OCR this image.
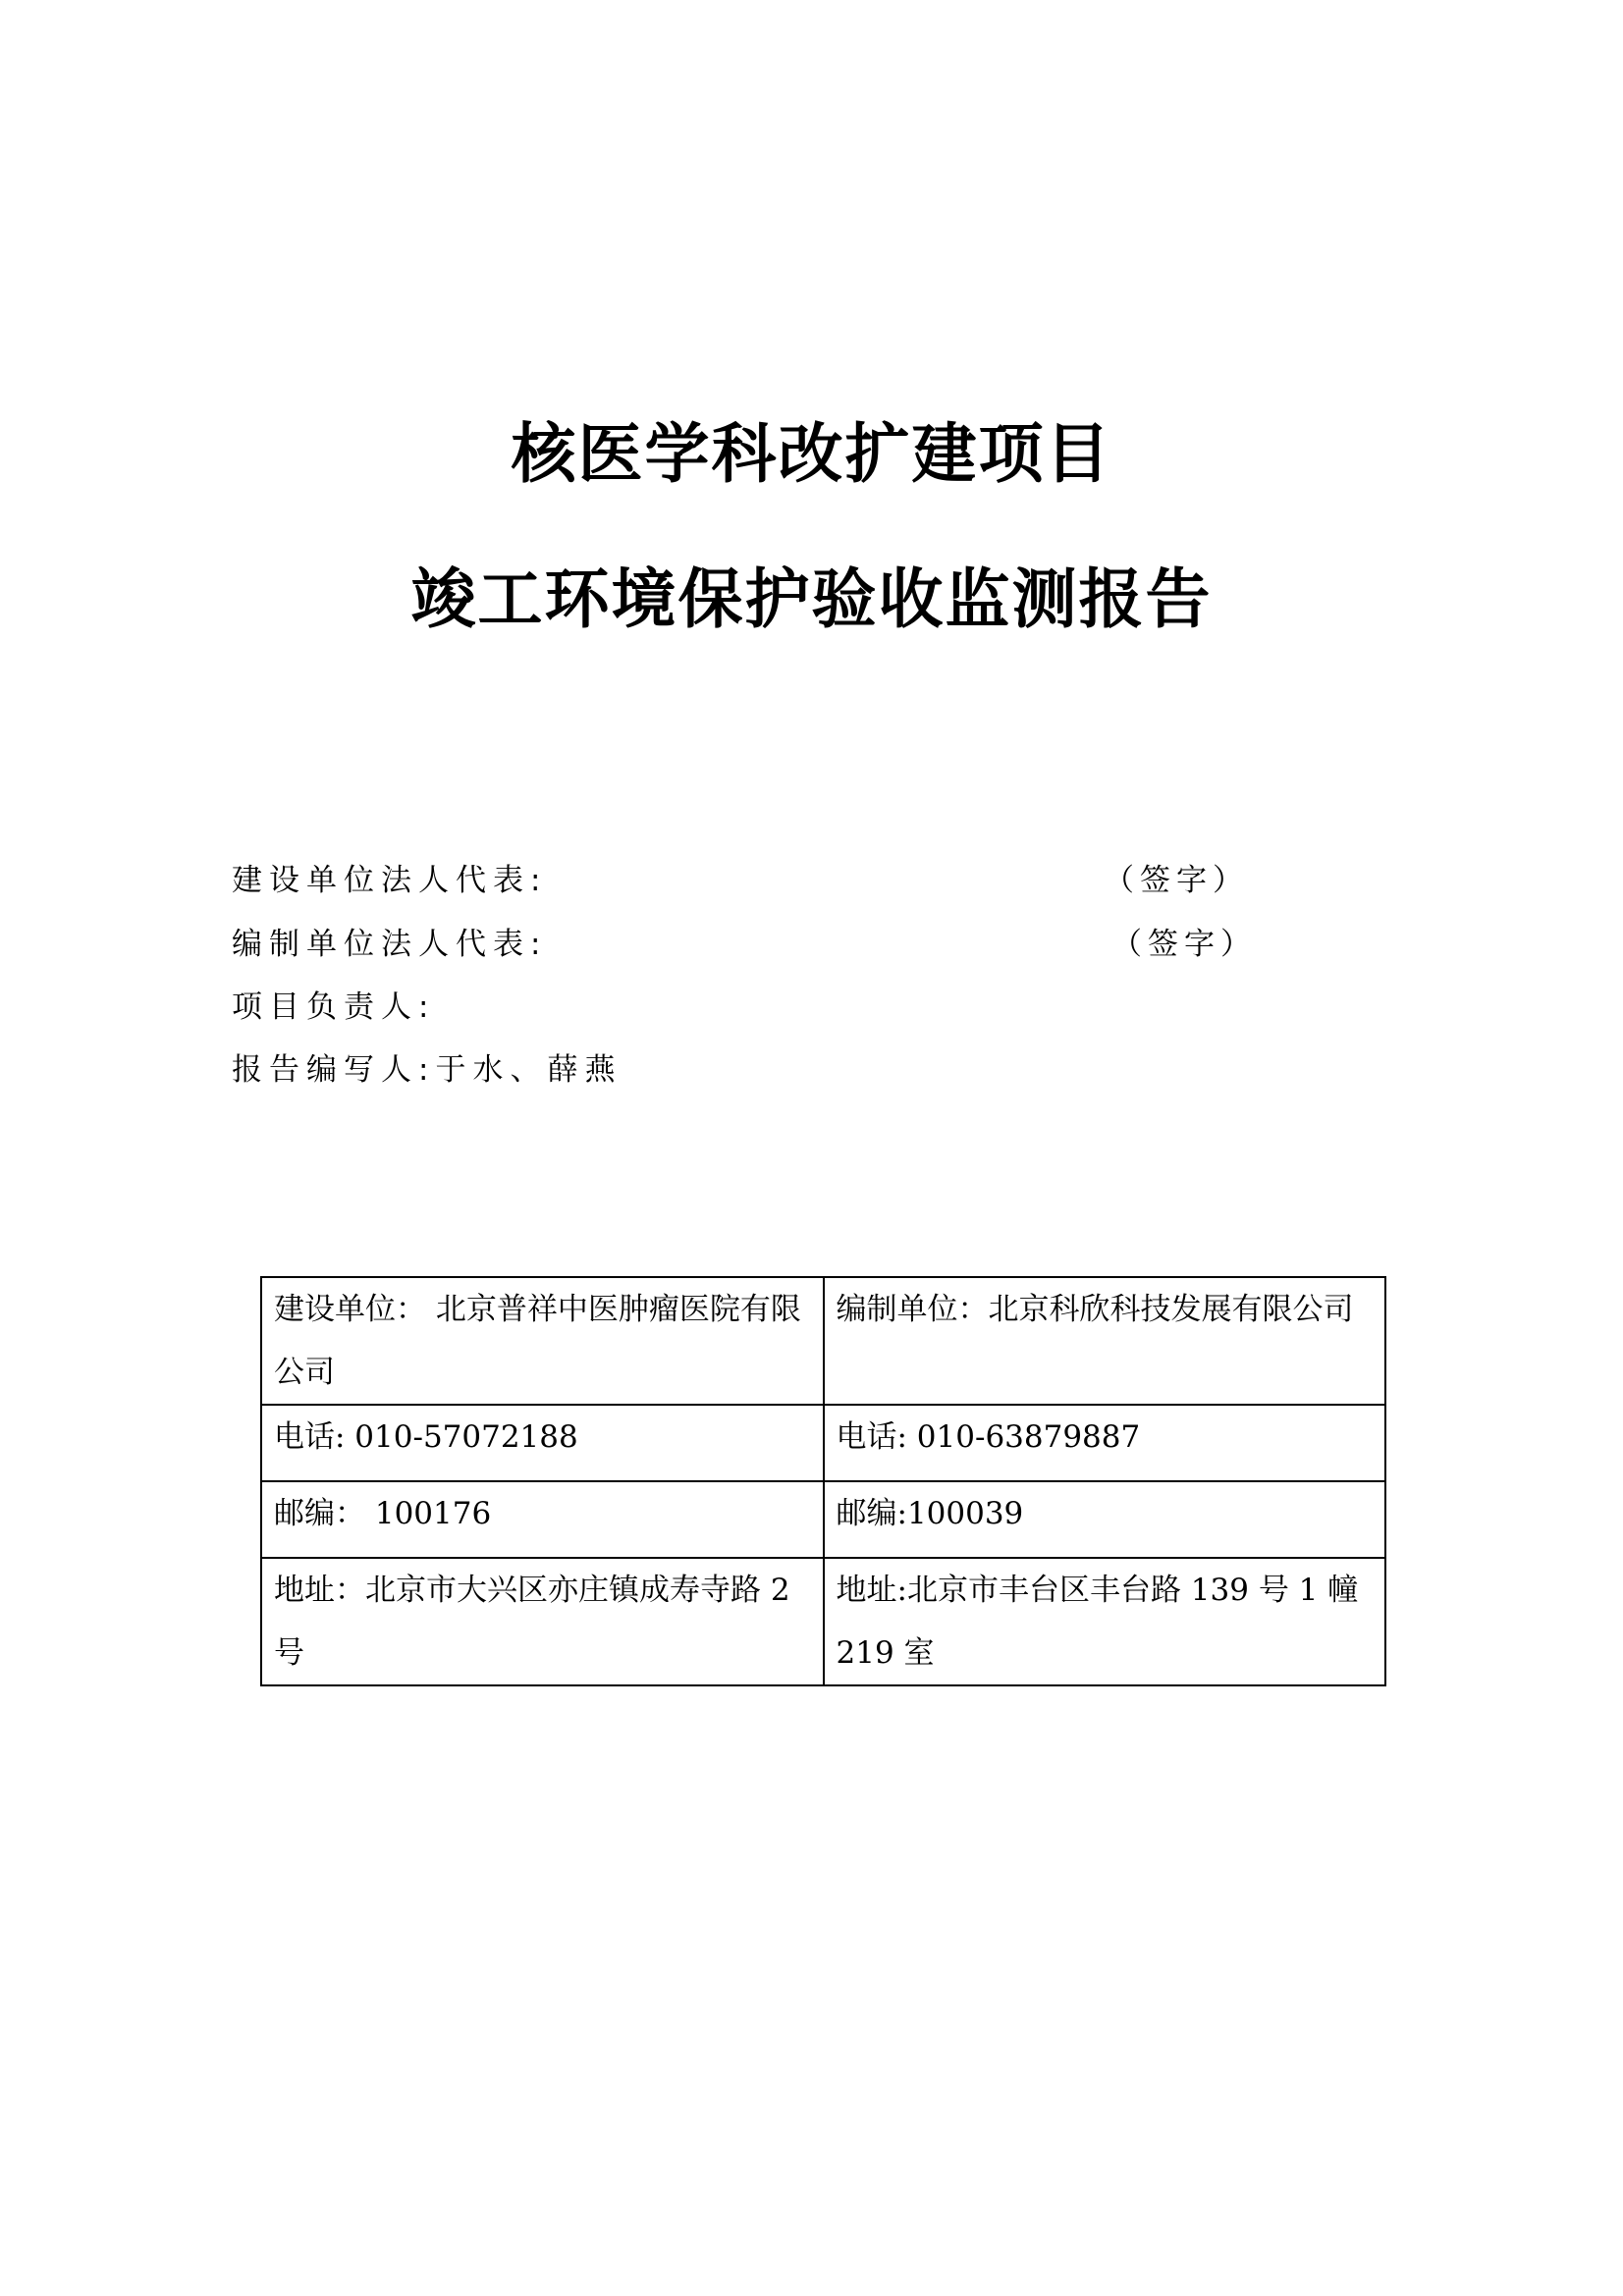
核医学科改扩建项目
竣工环境保护验收监测报告
建设单位法人代表:	（签字）
编制单位法人代表:	（签字）
项目负责人:
报告编写人:于水、薛燕
建设单位： 北京普祥中医肿瘤医院有限公司	编制单位：北京科欣科技发展有限公司
电话: 010-57072188	电话: 010-63879887
邮编： 100176	邮编:100039
地址：北京市大兴区亦庄镇成寿寺路 2 号	地址:北京市丰台区丰台路 139 号 1 幢 219 室
